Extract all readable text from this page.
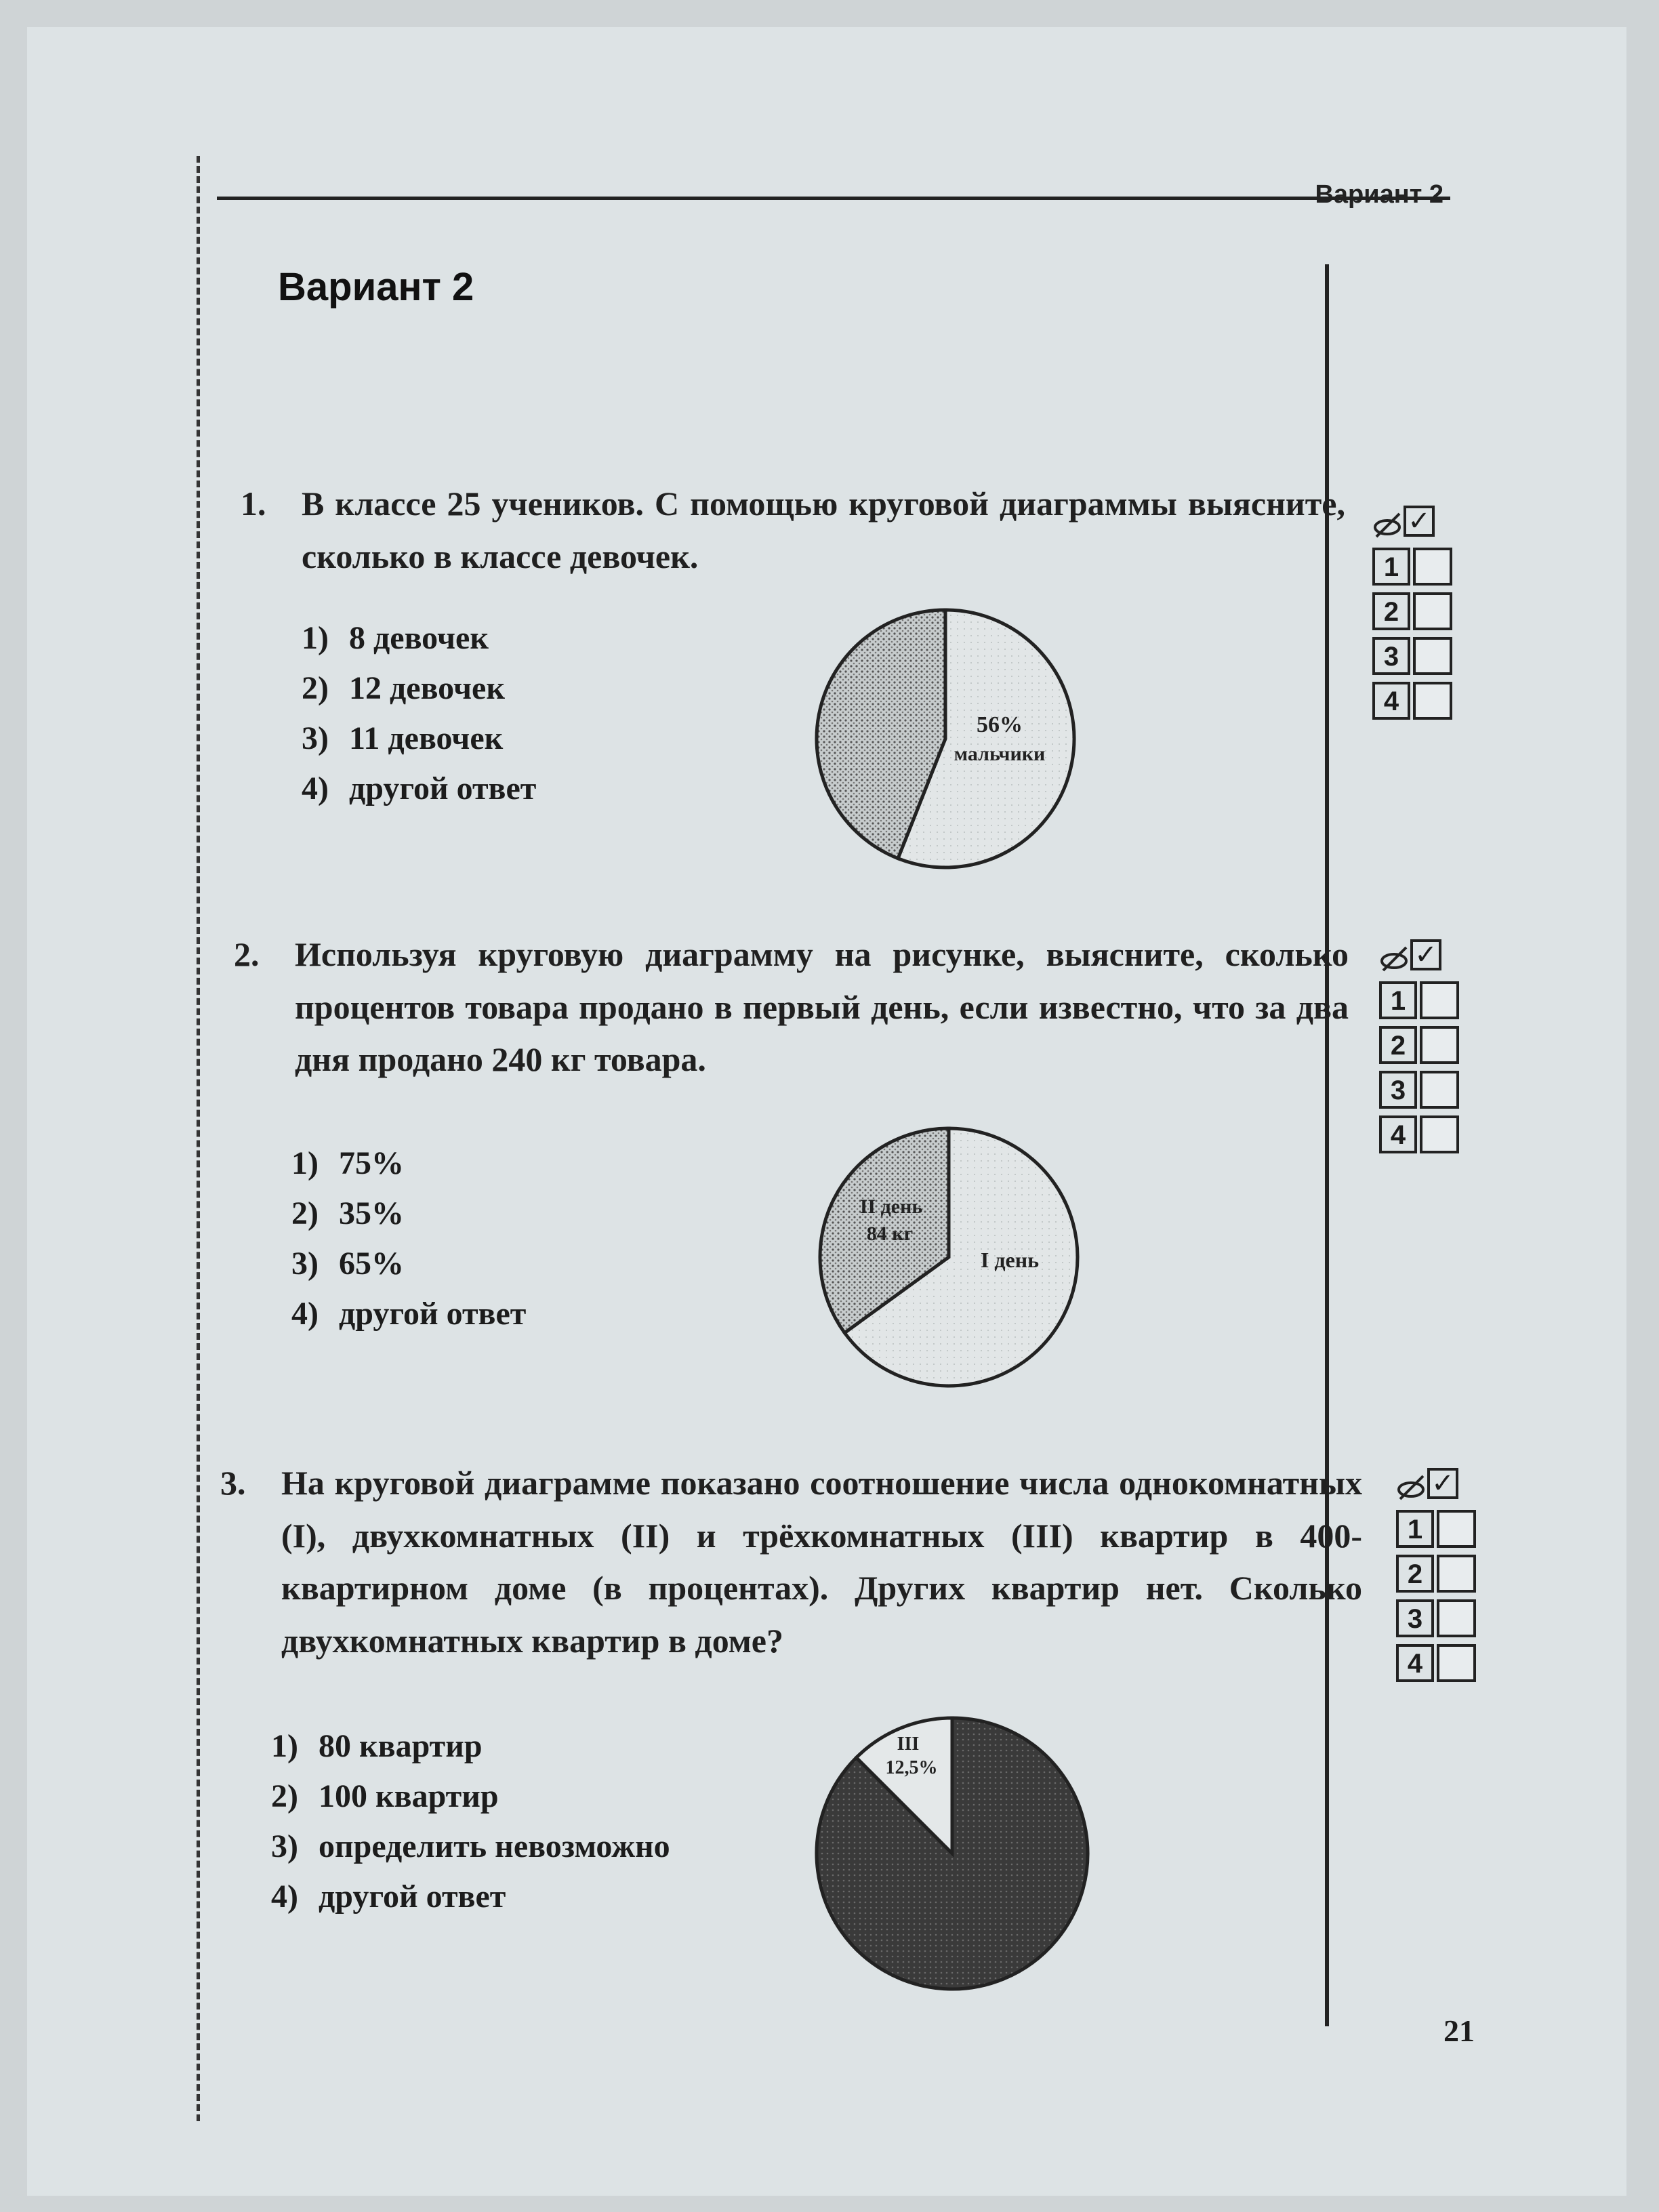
Вариант 2
Вариант 2
21
1. В классе 25 учеников. С помощью круговой диаграммы выясните, сколько в классе девочек.
1) 8 девочек
2) 12 девочек
3) 11 девочек
4) другой ответ
56%
мальчики
✓
1
2
3
4
2. Используя круговую диаграмму на рисунке, выясните, сколько процентов товара продано в первый день, если известно, что за два дня продано 240 кг товара.
1) 75%
2) 35%
3) 65%
4) другой ответ
II день
84 кг
I день
✓
1
2
3
4
3. На круговой диаграмме показано соотношение числа однокомнатных (I), двухкомнатных (II) и трёхкомнатных (III) квартир в 400-квартирном доме (в процентах). Других квартир нет. Сколько двухкомнатных квартир в доме?
1) 80 квартир
2) 100 квартир
3) определить невозможно
4) другой ответ
III
12,5%
✓
1
2
3
4
